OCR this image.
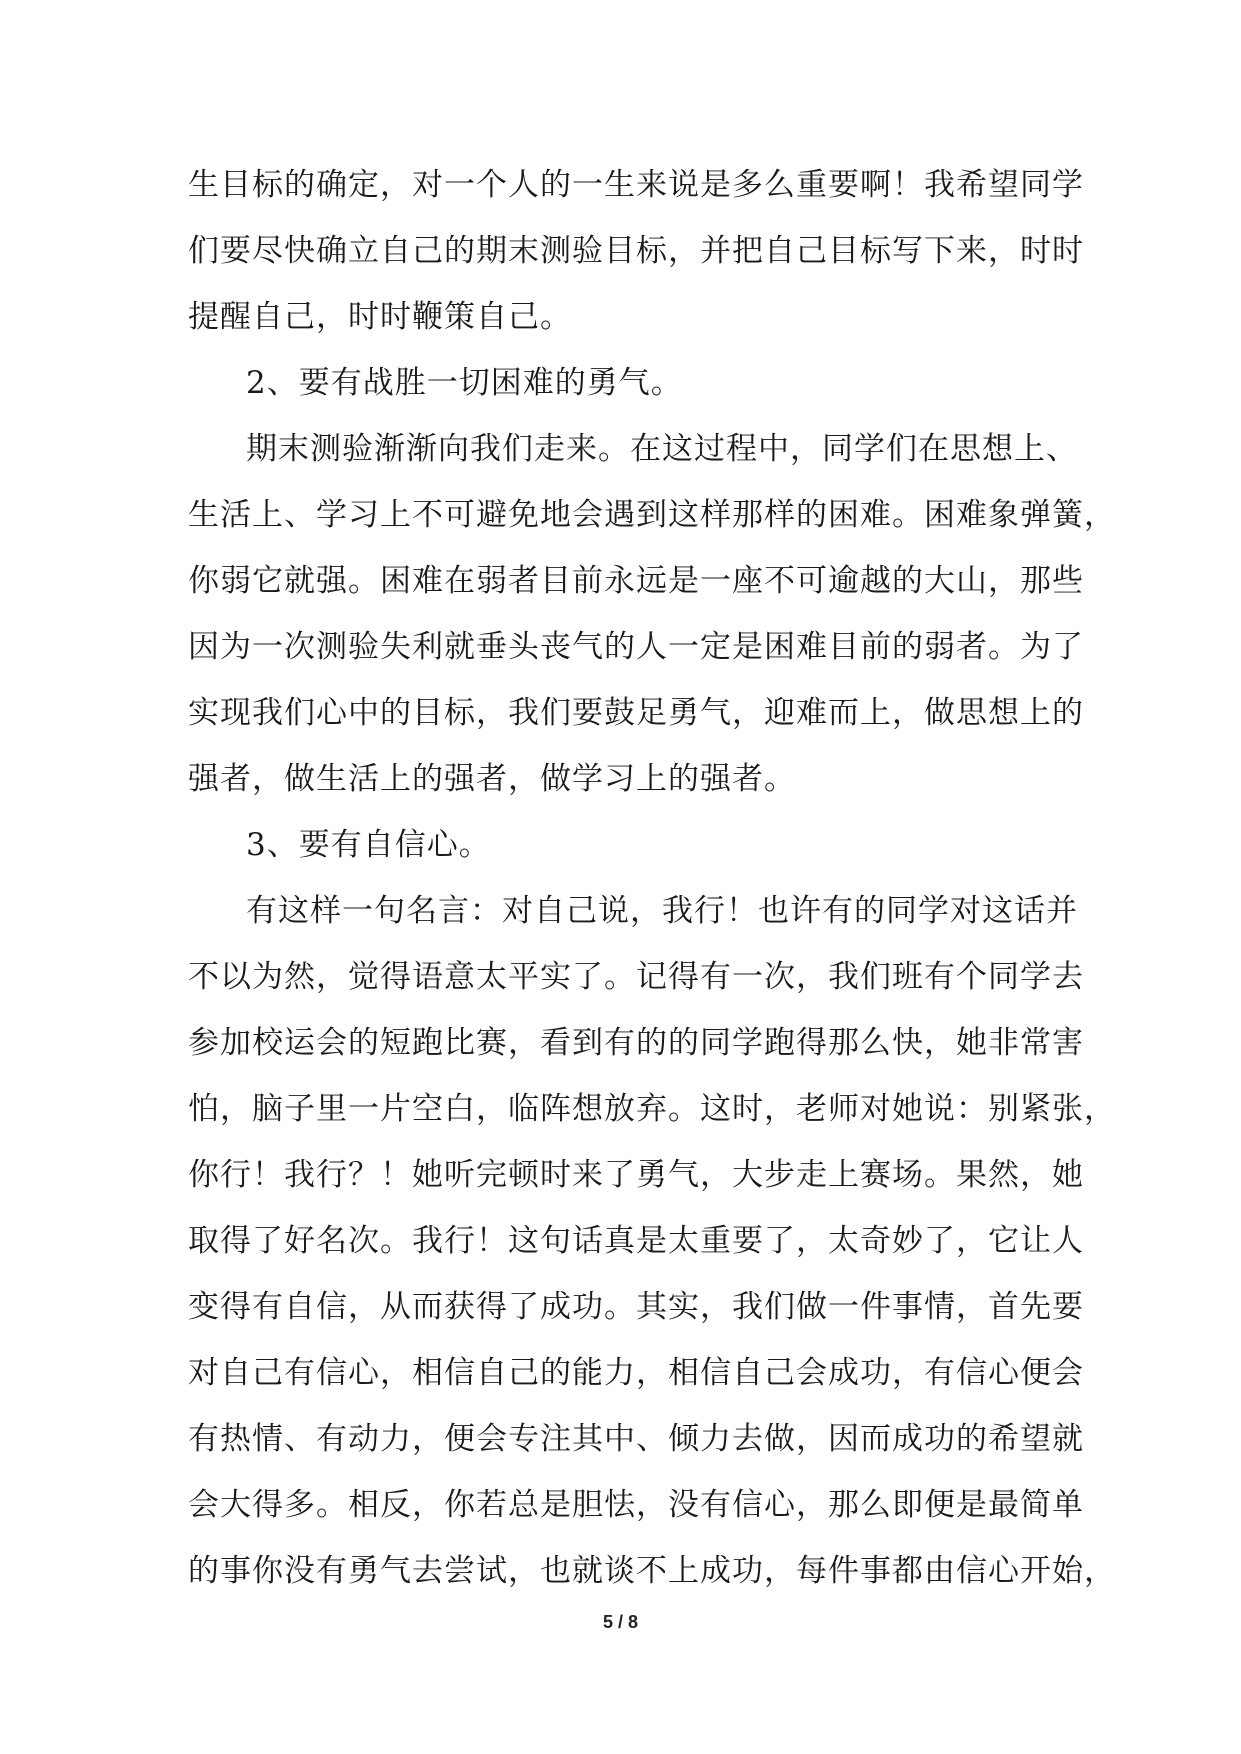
生目标的确定，对一个人的一生来说是多么重要啊！我希望同学
们要尽快确立自己的期末测验目标，并把自己目标写下来，时时
提醒自己，时时鞭策自己。
2、要有战胜一切困难的勇气。
期末测验渐渐向我们走来。在这过程中，同学们在思想上、
生活上、学习上不可避免地会遇到这样那样的困难。困难象弹簧，
你弱它就强。困难在弱者目前永远是一座不可逾越的大山，那些
因为一次测验失利就垂头丧气的人一定是困难目前的弱者。为了
实现我们心中的目标，我们要鼓足勇气，迎难而上，做思想上的
强者，做生活上的强者，做学习上的强者。
3、要有自信心。
有这样一句名言：对自己说，我行！也许有的同学对这话并
不以为然，觉得语意太平实了。记得有一次，我们班有个同学去
参加校运会的短跑比赛，看到有的的同学跑得那么快，她非常害
怕，脑子里一片空白，临阵想放弃。这时，老师对她说：别紧张，
你行！我行？！她听完顿时来了勇气，大步走上赛场。果然，她
取得了好名次。我行！这句话真是太重要了，太奇妙了，它让人
变得有自信，从而获得了成功。其实，我们做一件事情，首先要
对自己有信心，相信自己的能力，相信自己会成功，有信心便会
有热情、有动力，便会专注其中、倾力去做，因而成功的希望就
会大得多。相反，你若总是胆怯，没有信心，那么即便是最简单
的事你没有勇气去尝试，也就谈不上成功，每件事都由信心开始，
5 / 8
